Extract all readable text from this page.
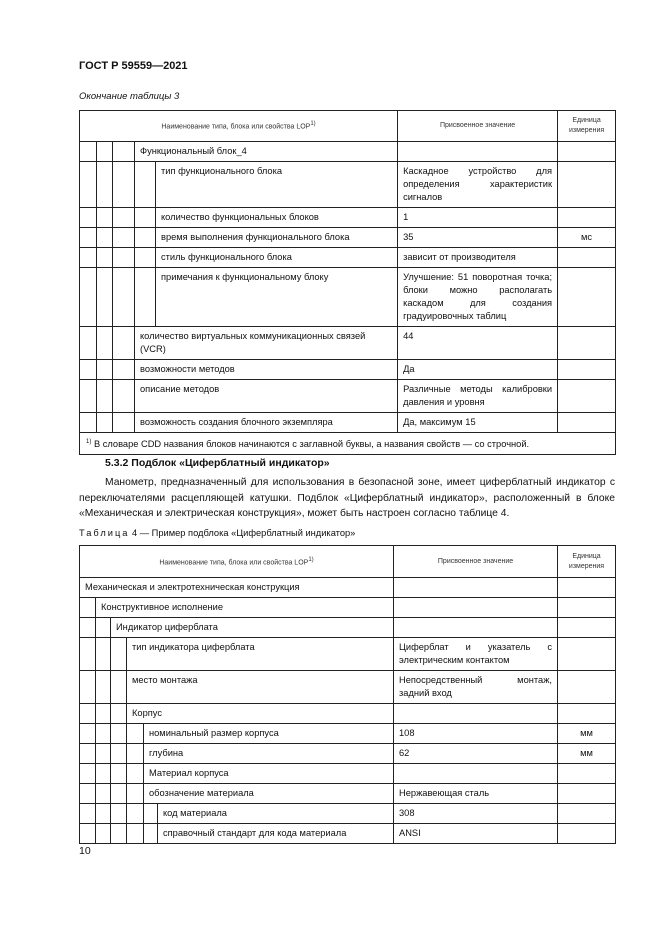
ГОСТ Р 59559—2021
Окончание таблицы 3
Наименование типа, блока или свойства LOP$^{1)}$					Присвоенное значение	Единица измерения
			Функциональный блок_4			
				тип функционального блока	Каскадное устройство для определения характеристик сигналов	
				количество функциональных блоков	1	
				время выполнения функционального блока	35	мс
				стиль функционального блока	зависит от производителя	
				примечания к функциональному блоку	Улучшение: 51 поворотная точка; блоки можно располагать каскадом для создания градуировочных таблиц	
			количество виртуальных коммуникационных связей (VCR)		44	
			возможности методов		Да	
			описание методов		Различные методы калибровки давления и уровня	
			возможность создания блочного экземпляра		Да, максимум 15	
$^{1)}$ В словаре CDD названия блоков начинаются с заглавной буквы, а названия свойств — со строчной.						
5.3.2 Подблок «Циферблатный индикатор»
Манометр, предназначенный для использования в безопасной зоне, имеет циферблатный индикатор с переключателями расцепляющей катушки. Подблок «Циферблатный индикатор», расположенный в блоке «Механическая и электрическая конструкция», может быть настроен согласно таблице 4.
Таблица 4 — Пример подблока «Циферблатный индикатор»
Наименование типа, блока или свойства LOP$^{1)}$						Присвоенное значение	Единица измерения
Механическая и электротехническая конструкция							
	Конструктивное исполнение						
		Индикатор циферблата					
			тип индикатора циферблата			Циферблат и указатель с электрическим контактом	
			место монтажа			Непосредственный монтаж, задний вход	
			Корпус				
				номинальный размер корпуса		108	мм
				глубина		62	мм
				Материал корпуса			
				обозначение материала		Нержавеющая сталь	
					код материала	308	
					справочный стандарт для кода материала	ANSI	
10
